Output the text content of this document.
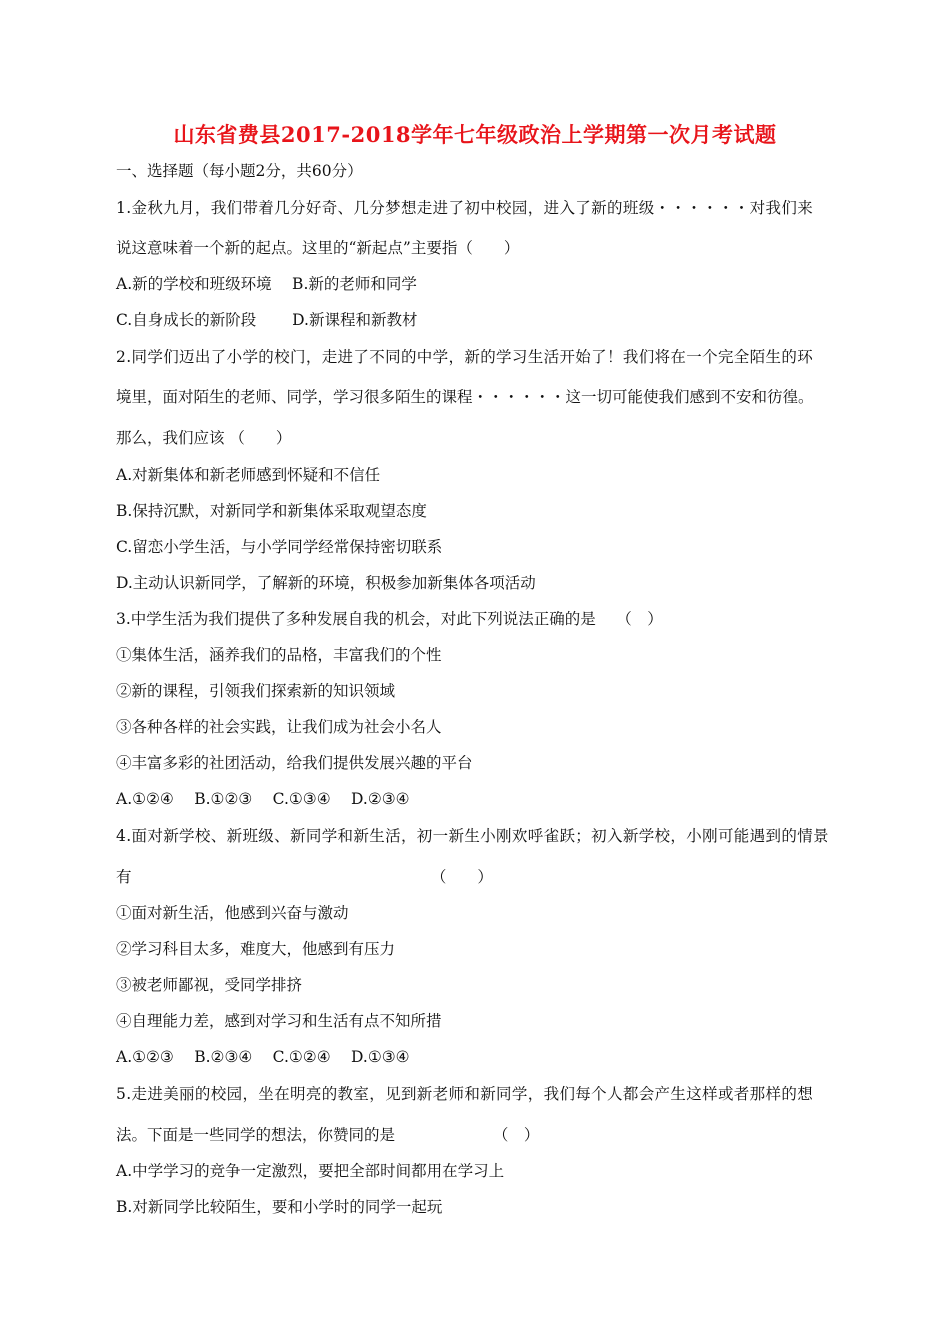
山东省费县2017-2018学年七年级政治上学期第一次月考试题
一、选择题（每小题2分，共60分）
1.金秋九月，我们带着几分好奇、几分梦想走进了初中校园，进入了新的班级・・・・・・对我们来
说这意味着一个新的起点。这里的“新起点”主要指（　　）
A.新的学校和班级环境　 B.新的老师和同学
C.自身成长的新阶段　　 D.新课程和新教材
2.同学们迈出了小学的校门，走进了不同的中学，新的学习生活开始了！我们将在一个完全陌生的环
境里，面对陌生的老师、同学，学习很多陌生的课程・・・・・・这一切可能使我们感到不安和彷徨。
那么，我们应该 （　　）
A.对新集体和新老师感到怀疑和不信任
B.保持沉默，对新同学和新集体采取观望态度
C.留恋小学生活，与小学同学经常保持密切联系
D.主动认识新同学，了解新的环境，积极参加新集体各项活动
3.中学生活为我们提供了多种发展自我的机会，对此下列说法正确的是　 （　）
①集体生活，涵养我们的品格，丰富我们的个性
②新的课程，引领我们探索新的知识领域
③各种各样的社会实践，让我们成为社会小名人
④丰富多彩的社团活动，给我们提供发展兴趣的平台
A.①②④　 B.①②③　 C.①③④　 D.②③④
4.面对新学校、新班级、新同学和新生活，初一新生小刚欢呼雀跃；初入新学校，小刚可能遇到的情景
有　　　　　　　　　　　　　　　　　　　 （　　）
①面对新生活，他感到兴奋与激动
②学习科目太多，难度大，他感到有压力
③被老师鄙视，受同学排挤
④自理能力差，感到对学习和生活有点不知所措
A.①②③　 B.②③④　 C.①②④　 D.①③④
5.走进美丽的校园，坐在明亮的教室，见到新老师和新同学，我们每个人都会产生这样或者那样的想
法。下面是一些同学的想法，你赞同的是　　　　　　 （　）
A.中学学习的竞争一定激烈，要把全部时间都用在学习上
B.对新同学比较陌生，要和小学时的同学一起玩
